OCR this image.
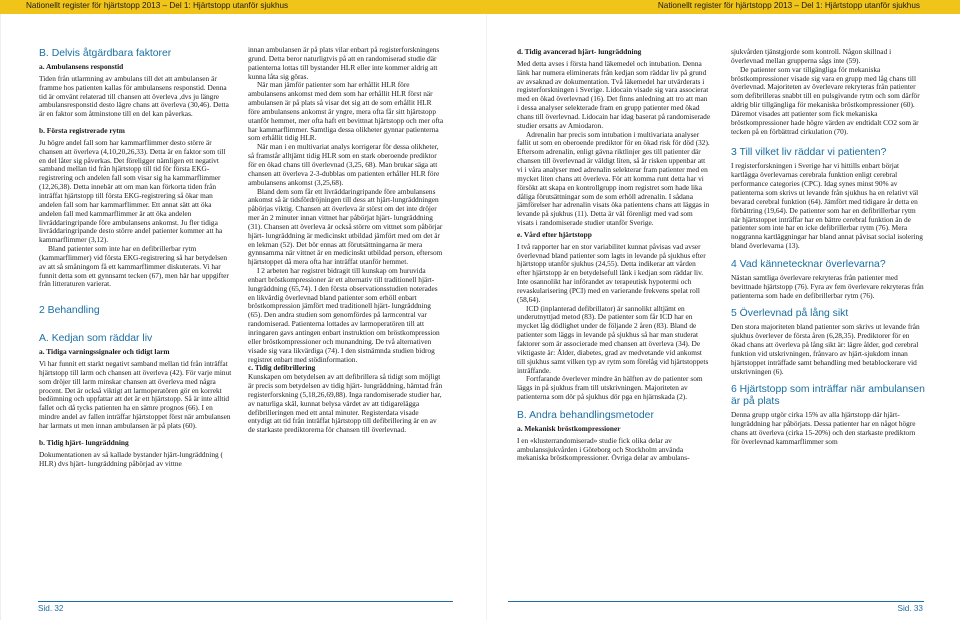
Nationellt register för hjärtstopp 2013 – Del 1: Hjärtstopp utanför sjukhus	Nationellt register för hjärtstopp 2013 – Del 1: Hjärtstopp utanför sjukhus
B. Delvis åtgärdbara faktorer

a. Ambulansens responstid

Tiden från utlarmning av ambulans till det att ambulansen är framme hos patienten kallas för ambulansens responstid. Denna tid är omvänt relaterad till chansen att överleva ,dvs ju längre ambulansresponstid desto lägre chans att överleva (30,46). Detta är en faktor som åtminstone till en del kan påverkas.

b. Första registrerade rytm

Ju högre andel fall som har kammarflimmer desto större är chansen att överleva (4,10,20,26,33). Detta är en faktor som till en del låter sig påverkas. Det föreligger nämligen ett negativt samband mellan tid från hjärtstopp till tid för första EKG-registrering och andelen fall som visar sig ha kammarflimmer (12,26,38). Detta innebär att om man kan förkorta tiden från inträffat hjärtstopp till första EKG-registrering så ökar man andelen fall som har kammarflimmer. Ett annat sätt att öka andelen fall med kammarflimmer är att öka andelen livräddaringripande före ambulansens ankomst. Ju fler tidiga livräddaringripande desto större andel patienter kommer att ha kammarflimmer (3,12).

Bland patienter som inte har en defibrillerbar rytm (kammarflimmer) vid första EKG-registrering så har betydelsen av att så småningom få ett kammarflimmer diskuterats. Vi har funnit detta som ett gynnsamt tecken (67), men här har uppgifter från litteraturen varierat.

2 Behandling
A. Kedjan som räddar liv

a. Tidiga varningssignaler och tidigt larm

Vi har funnit ett starkt negativt samband mellan tid från inträffat hjärtstopp till larm och chansen att överleva (42). För varje minut som dröjer till larm minskar chansen att överleva med några procent. Det är också viktigt att larmoperatören gör en korrekt bedömning och uppfattar att det är ett hjärtstopp. Så är inte alltid fallet och då tycks patienten ha en sämre prognos (66). I en mindre andel av fallen inträffar hjärtstoppet först när ambulansen har larmats ut men innan ambulansen är på plats (60).

b. Tidig hjärt- lungräddning

Dokumentationen av så kallade bystander hjärt-lungräddning ( HLR) dvs hjärt- lungräddning påbörjad av vittne

innan ambulansen är på plats vilar enbart på registerforskningens grund. Detta beror naturligtvis på att en randomiserad studie där patienterna lottas till bystander HLR eller inte kommer aldrig att kunna låta sig göras.

När man jämför patienter som har erhållit HLR före ambulansens ankomst med dem som har erhållit HLR först när ambulansen är på plats så visar det sig att de som erhållit HLR före ambulansens ankomst är yngre, mera ofta får sitt hjärtstopp utanför hemmet, mer ofta haft ett bevittnat hjärtstopp och mer ofta har kammarflimmer. Samtliga dessa olikheter gynnar patienterna som erhållit tidig HLR.

När man i en multivariat analys korrigerar för dessa olikheter, så framstår alltjämt tidig HLR som en stark oberoende prediktor för en ökad chans till överlevnad (3,25, 68). Man brukar säga att chansen att överleva 2-3-dubblas om patienten erhåller HLR före ambulansens ankomst (3,25,68).

Bland dem som får ett livräddaringripande före ambulansens ankomst så är tidsfördröjningen till dess att hjärt-lungräddningen påbörjas viktig. Chansen att överleva är störst om det inte dröjer mer än 2 minuter innan vittnet har påbörjat hjärt- lungräddning (31). Chansen att överleva är också större om vittnet som påbörjar hjärt- lungräddning är medicinskt utbildad jämfört med om det är en lekman (52). Det bör ennas att förutsättningarna är mera gynnsamma när vittnet är en medicinskt utbildad person, eftersom hjärtstoppet då mera ofta har inträffat utanför hemmet.

I 2 arbeten har registret bidragit till kunskap om huruvida enbart bröstkompressioner är ett alternativ till traditionell hjärt- lungräddning (65,74). I den första observationsstudien noterades en likvärdig överlevnad bland patienter som erhöll enbart bröstkompression jämfört med traditionell hjärt- lungräddning (65). Den andra studien som genomfördes på larmcentral var randomiserad. Patienterna lottades av larmoperatören till att inringaren gavs antingen enbart instruktion om bröstkompression eller bröstkompressioner och munandning. De två alternativen visade sig vara likvärdiga (74). I den sistnämnda studien bidrog registret enbart med stödinformation.

c. Tidig defibrillering

Kunskapen om betydelsen av att defibrillera så tidigt som möjligt är precis som betydelsen av tidig hjärt- lungräddning, hämtad från registerforskning (5,18,26,69,88). Inga randomiserade studier har, av naturliga skäl, kunnat belysa värdet av att tidigareläggа defibrilleringen med ett antal minuter. Registerdata visade entydigt att tid från inträffat hjärtstopp till defibrillering är en av de starkaste prediktorerna för chansen till överlevnad.

d. Tidig avancerad hjärt- lungräddning

Med detta avses i första hand läkemedel och intubation. Denna länk har numera eliminerats från kedjan som räddar liv på grund av avsaknad av dokumentation. Två läkemedel har utvärderats i registerforskningen i Sverige. Lidocain visade sig vara associerat med en ökad överlevnad (16). Det finns anledning att tro att man i dessa analyser selekterade fram en grupp patienter med ökad chans till överlevnad. Lidocain har idag baserat på randomiserade studier ersatts av Amiodaron.

Adrenalin har precis som intubation i multivariata analyser fallit ut som en oberoende prediktor för en ökad risk för död (32). Eftersom adrenalin, enligt gävna riktlinjer ges till patienter där chansen till överlevnad är väldigt liten, så är risken uppenbar att vi i våra analyser med adrenalin selekterar fram patienter med en mycket liten chans att överleva. För att komma runt detta har vi försökt att skapa en kontrollgrupp inom registret som hade lika dåliga förutsättningar som de som erhöll adrenalin. I sådana jämförelser har adrenalin visats öka patientens chans att läggas in levande på sjukhus (11). Detta är väl förenligt med vad som visats i randomiserade studier utanför Sverige.

e. Vård efter hjärtstopp

I två rapporter har en stor variabilitet kunnat påvisas vad avser överlevnad bland patienter som lagts in levande på sjukhus efter hjärtstopp utanför sjukhus (24,55). Detta indikerar att vården efter hjärtstopp är en betydelsefull länk i kedjan som räddar liv. Inte osannolikt har införandet av terapeutisk hypotermi och revaskularisering (PCI) med en varierande frekvens spelat roll (58,64).

ICD (inplanterad defibrillator) är sannolikt alltjämt en underutnyttjad metod (83). De patienter som får ICD har en mycket låg dödlighet under de följande 2 åren (83). Bland de patienter som läggs in levande på sjukhus så har man studerat faktorer som är associerade med chansen att överleva (34). De viktigaste är: Ålder, diabetes, grad av medvetande vid ankomst till sjukhus samt vilken typ av rytm som förelåg vid hjärtstoppets inträffande.

Fortfarande överlever mindre än hälften av de patienter som läggs in på sjukhus fram till utskrivningen. Majoriteten av patienterna som dör på sjukhus dör pga en hjärnskada (2).

B. Andra behandlingsmetoder

a. Mekanisk bröstkompressioner

I en «klusterrandomiserad» studie fick olika delar av ambulanssjukvården i Göteborg och Stockholm använda mekaniska bröstkompressioner. Övriga delar av ambulans-

sjukvården tjänstgjorde som kontroll. Någon skillnad i överlevnad mellan grupperna sågs inte (59).

De patienter som var tillgängliga för mekaniska bröstkompressioner visade sig vara en grupp med låg chans till överlevnad. Majoriteten av överlevare rekryteras från patienter som defibrilleras snabbt till en pulsgivande rytm och som därför aldrig blir tillgängliga för mekaniska bröstkompressioner (60). Däremot visades att patienter som fick mekaniska bröstkompressioner hade högre värden av endtidalt CO2 som är tecken på en förbättrad cirkulation (70).

3 Till vilket liv räddar vi patienten?

I registerforskningen i Sverige har vi hittills enbart börjat kartlägga överlevarnas cerebrala funktion enligt cerebral performance categories (CPC). Idag synes minst 90% av patienterna som skrivs ut levande från sjukhus ha en relativt väl bevarad cerebral funktion (64). Jämfört med tidigare år detta en förbättring (19,64). De patienter som har en defibrillerbar rytm när hjärtstoppet inträffar har en bättre cerebral funktion än de patienter som inte har en icke defibrillerbar rytm (76). Mera noggranna kartläggningar har bland annat påvisat social isolering bland överlevarna (13).

4 Vad kännetecknar överlevarna?

Nästan samtliga överlevare rekryteras från patienter med bevittnade hjärtstopp (76). Fyra av fem överlevare rekryteras från patienterna som hade en defibrillerbar rytm (76).

5 Överlevnad på lång sikt

Den stora majoriteten bland patienter som skrivs ut levande från sjukhus överlever de första åren (6,28,35). Prediktorer för en ökad chans att överleva på lång sikt är: lägre ålder, god cerebral funktion vid utskrivningen, frånvaro av hjärt-sjukdom innan hjärtstoppet inträffade samt behandling med betablockerare vid utskrivningen (6).

6 Hjärtstopp som inträffar när ambulansen är på plats

Denna grupp utgör cirka 15% av alla hjärtstopp där hjärt-lungräddning har påbörjats. Dessa patienter har en något högre chans att överleva (cirka 15-20%) och den starkaste prediktorn för överlevnad kammarflimmer som

Sid. 32	Sid. 33
